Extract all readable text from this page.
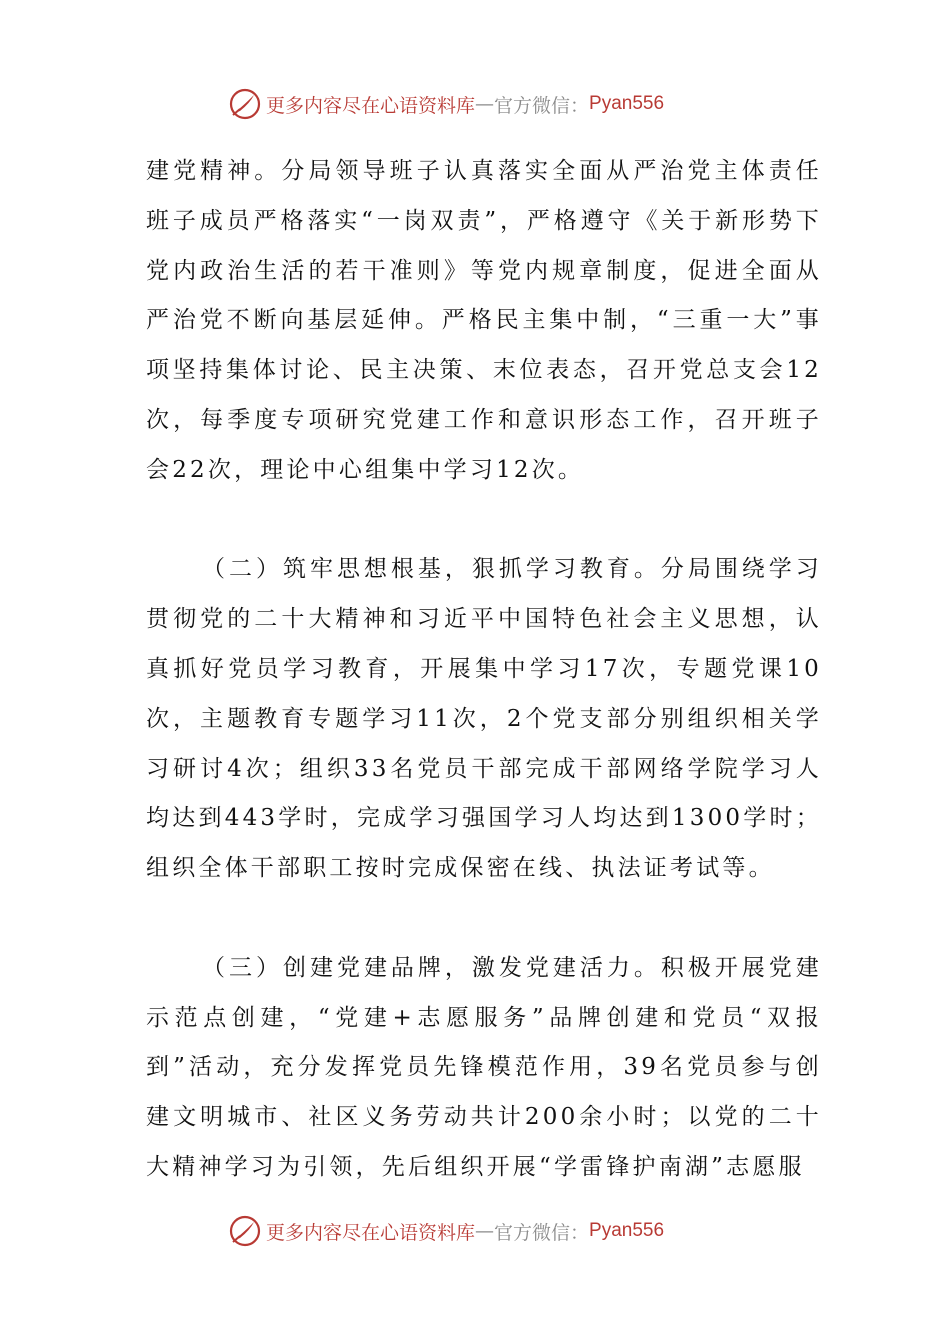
更多内容尽在心语资料库 — 官方微信： Pyan556

建党精神。分局领导班子认真落实全面从严治党主体责任班子成员严格落实“一岗双责”，严格遵守《关于新形势下党内政治生活的若干准则》等党内规章制度，促进全面从严治党不断向基层延伸。严格民主集中制，“三重一大”事项坚持集体讨论、民主决策、末位表态，召开党总支会12次，每季度专项研究党建工作和意识形态工作，召开班子会22次，理论中心组集中学习12次。

（二）筑牢思想根基，狠抓学习教育。分局围绕学习贯彻党的二十大精神和习近平中国特色社会主义思想，认真抓好党员学习教育，开展集中学习17次，专题党课10次，主题教育专题学习11次，2个党支部分别组织相关学习研讨4次；组织33名党员干部完成干部网络学院学习人均达到443学时，完成学习强国学习人均达到1300学时；组织全体干部职工按时完成保密在线、执法证考试等。

（三）创建党建品牌，激发党建活力。积极开展党建示范点创建，“党建+志愿服务”品牌创建和党员“双报到”活动，充分发挥党员先锋模范作用，39名党员参与创建文明城市、社区义务劳动共计200余小时；以党的二十大精神学习为引领，先后组织开展“学雷锋护南湖”志愿服

更多内容尽在心语资料库 — 官方微信： Pyan556
